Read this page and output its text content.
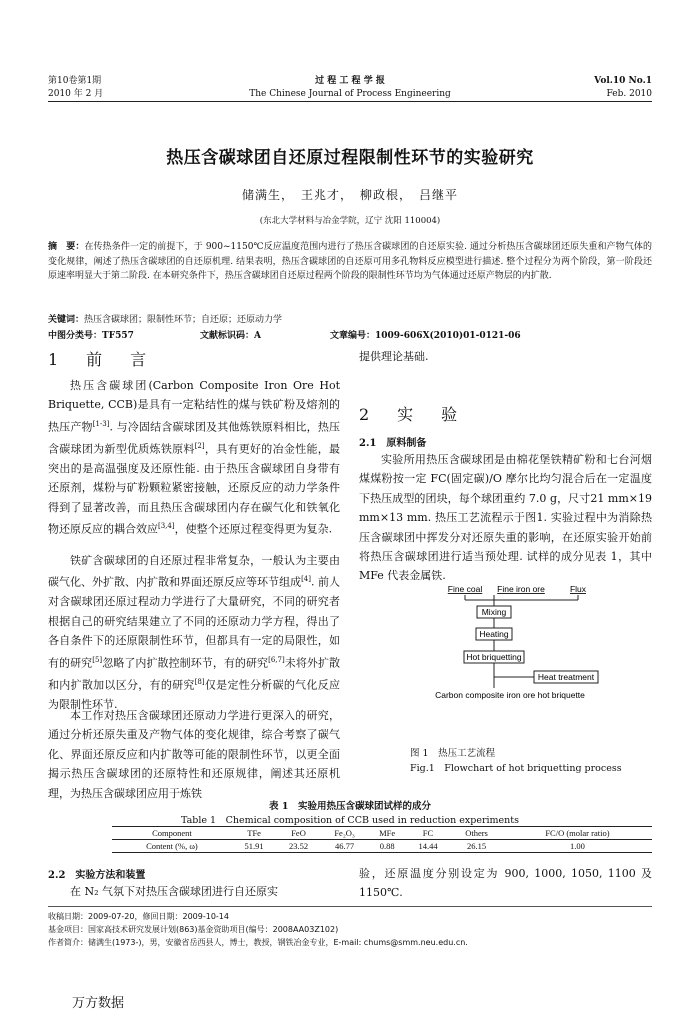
第10卷第1期
2010 年 2 月
过 程 工 程 学 报
The Chinese Journal of Process Engineering
Vol.10 No.1
Feb. 2010
热压含碳球团自还原过程限制性环节的实验研究
储满生，　王兆才，　柳政根，　吕继平
(东北大学材料与冶金学院，辽宁 沈阳 110004)
摘　要：在传热条件一定的前提下，于 900~1150℃反应温度范围内进行了热压含碳球团的自还原实验. 通过分析热压含碳球团还原失重和产物气体的变化规律，阐述了热压含碳球团的自还原机理. 结果表明，热压含碳球团的自还原可用多孔物料反应模型进行描述. 整个过程分为两个阶段，第一阶段还原速率明显大于第二阶段. 在本研究条件下，热压含碳球团自还原过程两个阶段的限制性环节均为气体通过还原产物层的内扩散.
关键词：热压含碳球团；限制性环节；自还原；还原动力学
中图分类号：TF557	文献标识码：A	文章编号：1009-606X(2010)01-0121-06
1　前　言
热压含碳球团(Carbon Composite Iron Ore Hot Briquette, CCB)是具有一定粘结性的煤与铁矿粉及熔剂的热压产物[1-3]. 与冷固结含碳球团及其他炼铁原料相比，热压含碳球团为新型优质炼铁原料[2]，具有更好的冶金性能，最突出的是高温强度及还原性能. 由于热压含碳球团自身带有还原剂，煤粉与矿粉颗粒紧密接触，还原反应的动力学条件得到了显著改善，而且热压含碳球团内存在碳气化和铁氧化物还原反应的耦合效应[3,4]，使整个还原过程变得更为复杂.
铁矿含碳球团的自还原过程非常复杂，一般认为主要由碳气化、外扩散、内扩散和界面还原反应等环节组成[4]. 前人对含碳球团还原过程动力学进行了大量研究，不同的研究者根据自己的研究结果建立了不同的还原动力学方程，得出了各自条件下的还原限制性环节，但都具有一定的局限性，如有的研究[5]忽略了内扩散控制环节，有的研究[6,7]未将外扩散和内扩散加以区分，有的研究[8]仅是定性分析碳的气化反应为限制性环节.
本工作对热压含碳球团还原动力学进行更深入的研究，通过分析还原失重及产物气体的变化规律，综合考察了碳气化、界面还原反应和内扩散等可能的限制性环节，以更全面揭示热压含碳球团的还原特性和还原规律，阐述其还原机理，为热压含碳球团应用于炼铁
提供理论基础.
2　实　验
2.1　原料制备
实验所用热压含碳球团是由棉花堡铁精矿粉和七台河烟煤煤粉按一定 FC(固定碳)/O 摩尔比均匀混合后在一定温度下热压成型的团块，每个球团重约 7.0 g，尺寸21 mm×19 mm×13 mm. 热压工艺流程示于图1. 实验过程中为消除热压含碳球团中挥发分对还原失重的影响，在还原实验开始前将热压含碳球团进行适当预处理. 试样的成分见表 1，其中 MFe 代表金属铁.
Fine coal Fine iron ore	Flux
Mixing
Heating
Hot briquetting
Heat treatment
Carbon composite iron ore hot briquette
图 1　热压工艺流程
Fig.1　Flowchart of hot briquetting process
表 1　实验用热压含碳球团试样的成分
Table 1　Chemical composition of CCB used in reduction experiments
Component	TFe	FeO	Fe₂O₃	MFe	FC	Others	FC/O (molar ratio)
Content (%, ω)	51.91	23.52	46.77	0.88	14.44	26.15	1.00
2.2　实验方法和装置
在 N₂ 气氛下对热压含碳球团进行自还原实
验，还原温度分别设定为 900, 1000, 1050, 1100 及 1150℃.
收稿日期：2009-07-20，修回日期：2009-10-14
基金项目：国家高技术研究发展计划(863)基金资助项目(编号：2008AA03Z102)
作者简介：储满生(1973-)，男，安徽省岳西县人，博士，教授，钢铁冶金专业，E-mail: chums@smm.neu.edu.cn.
万方数据
